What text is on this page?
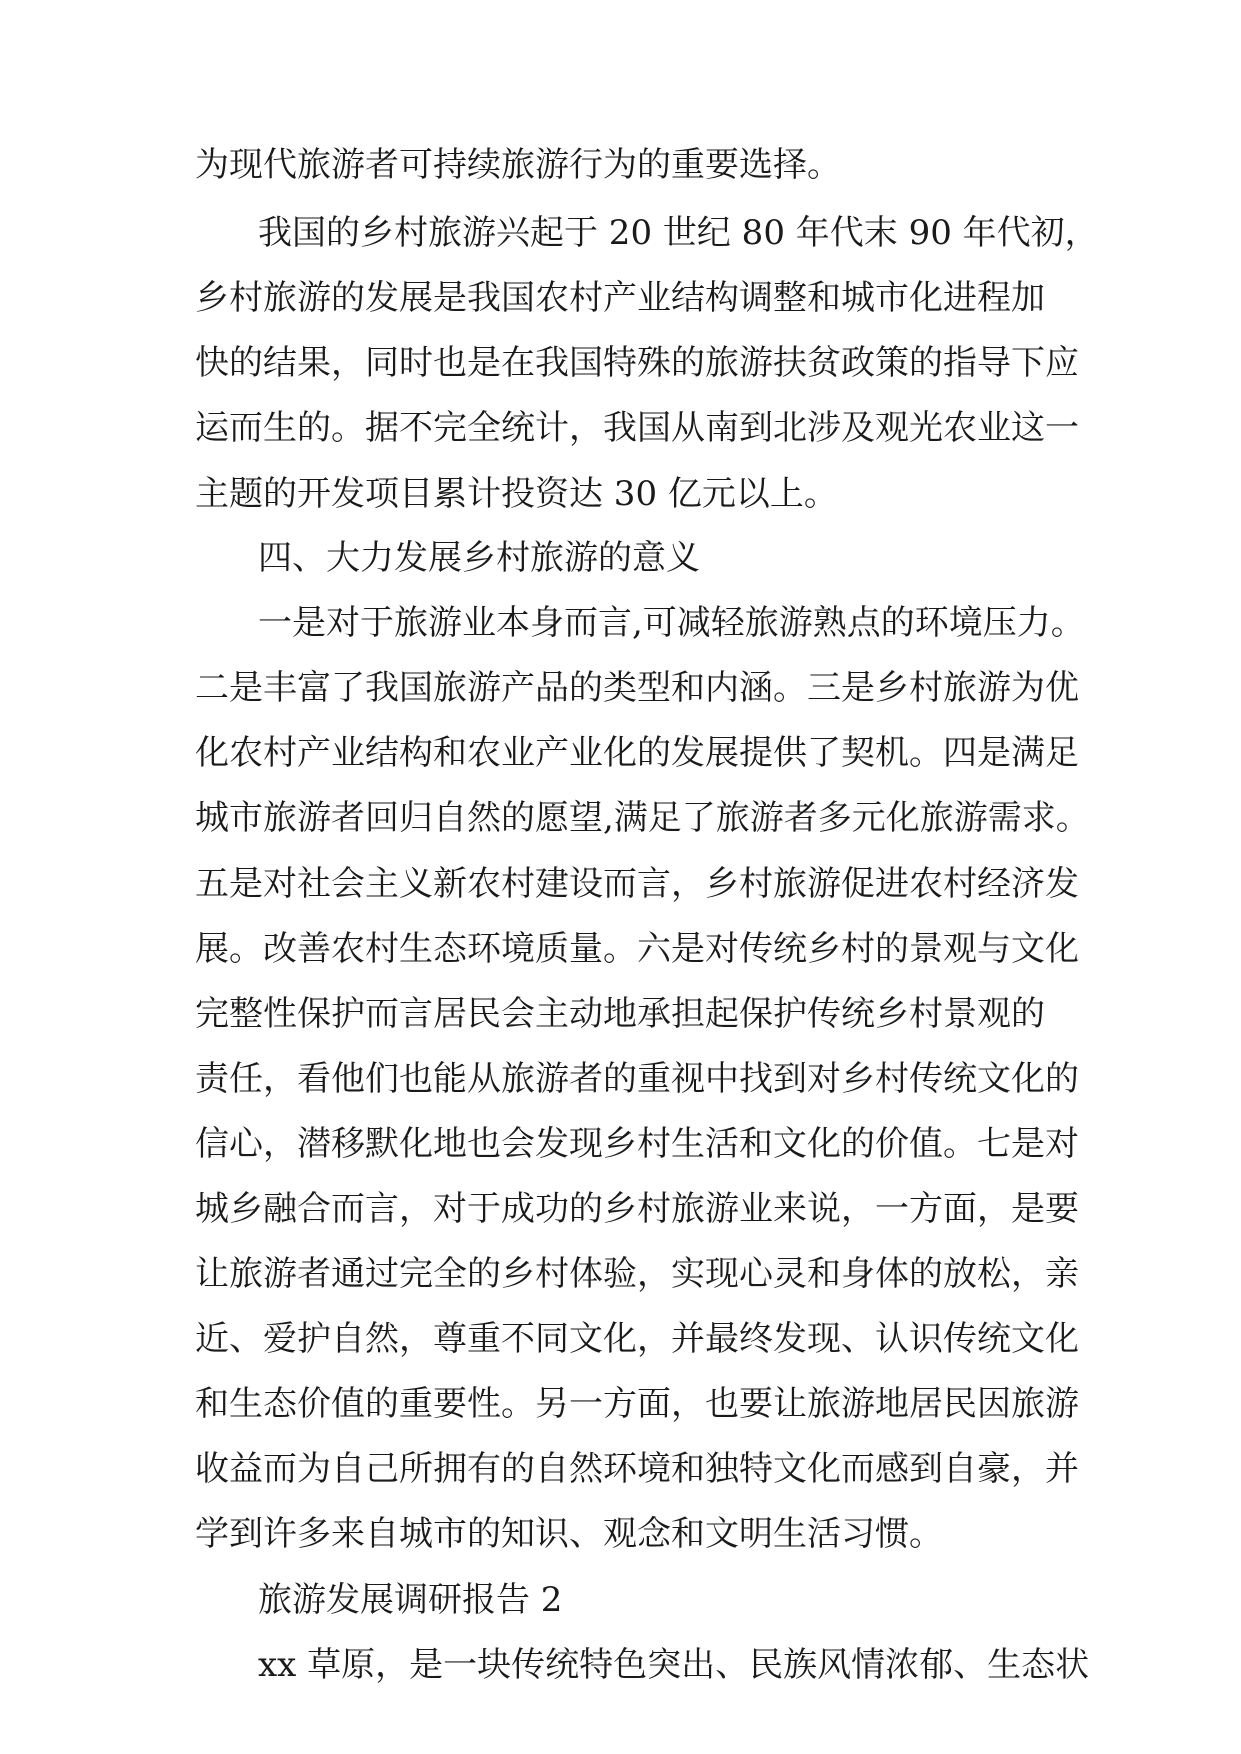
为现代旅游者可持续旅游行为的重要选择。

我国的乡村旅游兴起于 20 世纪 80 年代末 90 年代初，

乡村旅游的发展是我国农村产业结构调整和城市化进程加

快的结果，同时也是在我国特殊的旅游扶贫政策的指导下应

运而生的。据不完全统计，我国从南到北涉及观光农业这一

主题的开发项目累计投资达 30 亿元以上。

四、大力发展乡村旅游的意义

一是对于旅游业本身而言,可减轻旅游熟点的环境压力。

二是丰富了我国旅游产品的类型和内涵。三是乡村旅游为优

化农村产业结构和农业产业化的发展提供了契机。四是满足

城市旅游者回归自然的愿望,满足了旅游者多元化旅游需求。

五是对社会主义新农村建设而言，乡村旅游促进农村经济发

展。改善农村生态环境质量。六是对传统乡村的景观与文化

完整性保护而言居民会主动地承担起保护传统乡村景观的

责任，看他们也能从旅游者的重视中找到对乡村传统文化的

信心，潜移默化地也会发现乡村生活和文化的价值。七是对

城乡融合而言，对于成功的乡村旅游业来说，一方面，是要

让旅游者通过完全的乡村体验，实现心灵和身体的放松，亲

近、爱护自然，尊重不同文化，并最终发现、认识传统文化

和生态价值的重要性。另一方面，也要让旅游地居民因旅游

收益而为自己所拥有的自然环境和独特文化而感到自豪，并

学到许多来自城市的知识、观念和文明生活习惯。

旅游发展调研报告 2

xx 草原，是一块传统特色突出、民族风情浓郁、生态状
